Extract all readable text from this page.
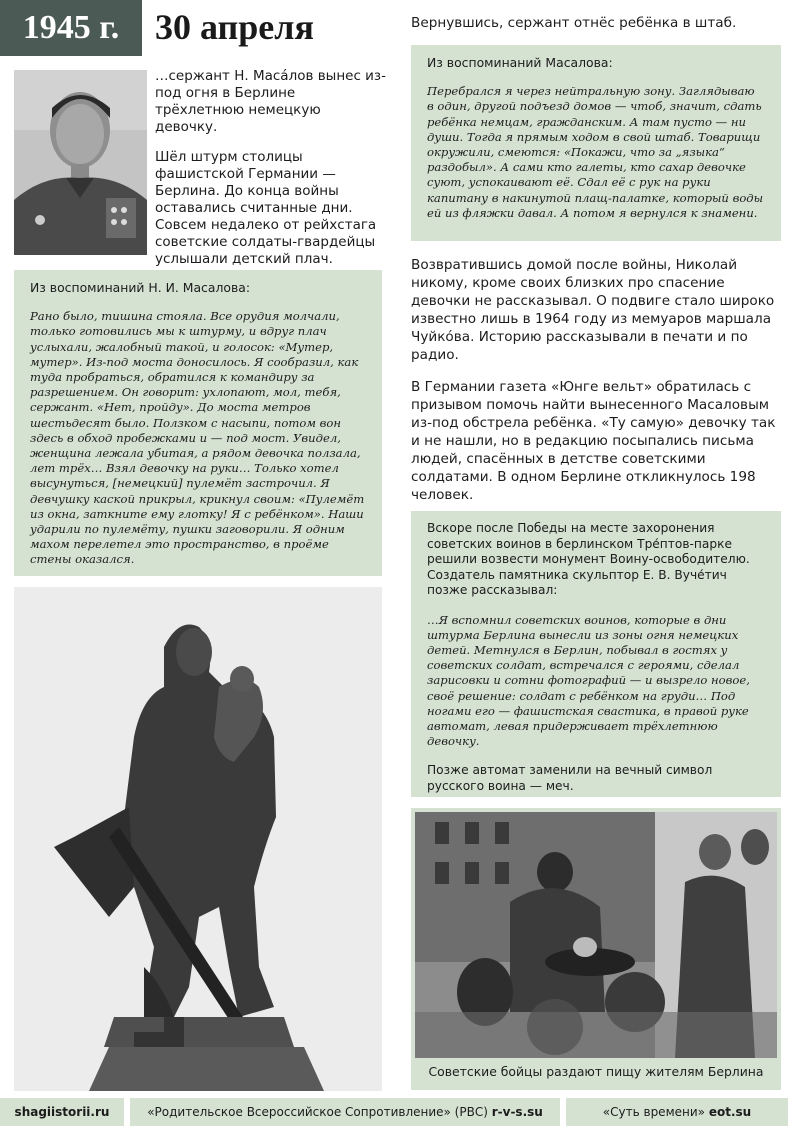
1945 г. 30 апреля

…сержант Н. Маса́лов вынес из-под огня в Берлине трёхлетнюю немецкую девочку.

Шёл штурм столицы фашистской Германии — Берлина. До конца войны оставались считанные дни. Совсем недалеко от рейхстага советские солдаты-гвардейцы услышали детский плач.

Из воспоминаний Н. И. Масалова:
Рано было, тишина стояла. Все орудия молчали, только готовились мы к штурму, и вдруг плач услыхали, жалобный такой, и голосок: «Мутер, мутер». Из-под моста доносилось. Я сообразил, как туда пробраться, обратился к командиру за разрешением. Он говорит: ухлопают, мол, тебя, сержант. «Нет, пройду». До моста метров шестьдесят было. Ползком с насыпи, потом вон здесь в обход пробежками и — под мост. Увидел, женщина лежала убитая, а рядом девочка ползала, лет трёх… Взял девочку на руки… Только хотел высунуться, [немецкий] пулемёт застрочил. Я девчушку каской прикрыл, крикнул своим: «Пулемёт из окна, заткните ему глотку! Я с ребёнком». Наши ударили по пулемёту, пушки заговорили. Я одним махом перелетел это пространство, в проёме стены оказался.
Вернувшись, сержант отнёс ребёнка в штаб.
Из воспоминаний Масалова:
Перебрался я через нейтральную зону. Заглядываю в один, другой подъезд домов — чтоб, значит, сдать ребёнка немцам, гражданским. А там пусто — ни души. Тогда я прямым ходом в свой штаб. Товарищи окружили, смеются: «Покажи, что за „языка“ раздобыл». А сами кто галеты, кто сахар девочке суют, успокаивают её. Сдал её с рук на руки капитану в накинутой плащ-палатке, который воды ей из фляжки давал. А потом я вернулся к знамени.
Возвратившись домой после войны, Николай никому, кроме своих близких про спасение девочки не рассказывал. О подвиге стало широко известно лишь в 1964 году из мемуаров маршала Чуйко́ва. Историю рассказывали в печати и по радио.
В Германии газета «Юнге вельт» обратилась с призывом помочь найти вынесенного Масаловым из-под обстрела ребёнка. «Ту самую» девочку так и не нашли, но в редакцию посыпались письма людей, спасённых в детстве советскими солдатами. В одном Берлине откликнулось 198 человек.
Вскоре после Победы на месте захоронения советских воинов в берлинском Тре́птов-парке решили возвести монумент Воину-освободителю. Создатель памятника скульптор Е. В. Вуче́тич позже рассказывал:
…Я вспомнил советских воинов, которые в дни штурма Берлина вынесли из зоны огня немецких детей. Метнулся в Берлин, побывал в гостях у советских солдат, встречался с героями, сделал зарисовки и сотни фотографий — и вызрело новое, своё решение: солдат с ребёнком на груди… Под ногами его — фашистская свастика, в правой руке автомат, левая придерживает трёхлетнюю девочку.
Позже автомат заменили на вечный символ русского воина — меч.
Советские бойцы раздают пищу жителям Берлина
shagiistorii.ru	«Родительское Всероссийское Сопротивление» (РВС)
r-v-s.su	«Суть времени»
eot.su
